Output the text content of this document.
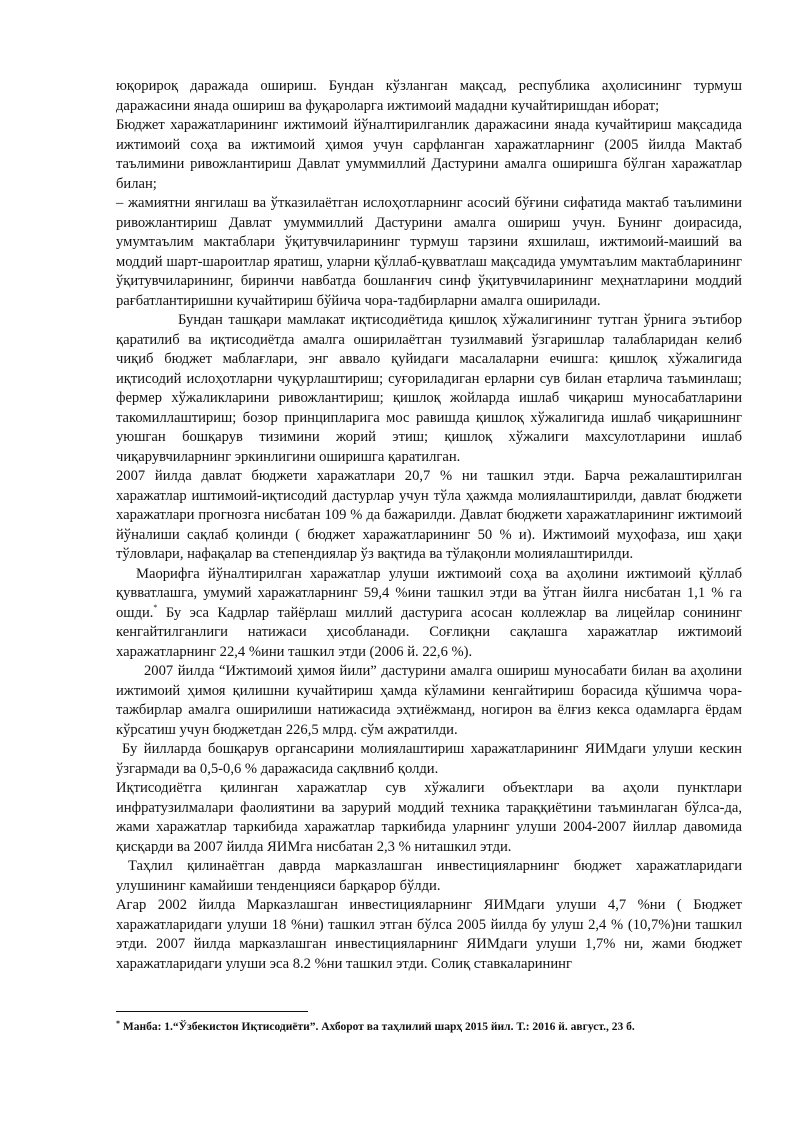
юқорироқ даражада ошириш. Бундан кўзланган мақсад, республика аҳолисининг турмуш даражасини янада ошириш ва фуқароларга ижтимоий мададни кучайтиришдан иборат;

Бюджет харажатларининг ижтимоий йўналтирилганлик даражасини янада кучайтириш мақсадида ижтимоий соҳа ва ижтимоий ҳимоя учун сарфланган харажатларнинг (2005 йилда Мактаб таълимини ривожлантириш Давлат умуммиллий Дастурини амалга оширишга бўлган харажатлар билан;

– жамиятни янгилаш ва ўтказилаётган ислоҳотларнинг асосий бўғини сифатида мактаб таълимини ривожлантириш Давлат умуммиллий Дастурини амалга ошириш учун. Бунинг доирасида, умумтаълим мактаблари ўқитувчиларининг турмуш тарзини яхшилаш, ижтимоий-маиший ва моддий шарт-шароитлар яратиш, уларни қўллаб-қувватлаш мақсадида умумтаълим мактабларининг ўқитувчиларининг, биринчи навбатда бошланғич синф ўқитувчиларининг меҳнатларини моддий рағбатлантиришни кучайтириш бўйича чора-тадбирларни амалга оширилади.

Бундан ташқари мамлакат иқтисодиётида қишлоқ хўжалигининг тутган ўрнига эътибор қаратилиб ва иқтисодиётда амалга оширилаётган тузилмавий ўзгаришлар талабларидан келиб чиқиб бюджет маблағлари, энг аввало қуйидаги масалаларни ечишга: қишлоқ хўжалигида иқтисодий ислоҳотларни чуқурлаштириш; суғориладиган ерларни сув билан етарлича таъминлаш; фермер хўжаликларини ривожлантириш; қишлоқ жойларда ишлаб чиқариш муносабатларини такомиллаштириш; бозор принципларига мос равишда қишлоқ хўжалигида ишлаб чиқаришнинг уюшган бошқарув тизимини жорий этиш; қишлоқ хўжалиги махсулотларини ишлаб чиқарувчиларнинг эркинлигини оширишга қаратилган.

2007 йилда давлат бюджети харажатлари 20,7 % ни ташкил этди. Барча режалаштирилган харажатлар иштимоий-иқтисодий дастурлар учун тўла ҳажмда молиялаштирилди, давлат бюджети харажатлари прогнозга нисбатан 109 % да бажарилди. Давлат бюджети харажатларининг ижтимоий йўналиши сақлаб қолинди ( бюджет харажатларининг 50 % и). Ижтимоий муҳофаза, иш ҳақи тўловлари, нафақалар ва степендиялар ўз вақтида ва тўлақонли молиялаштирилди.

Маорифга йўналтирилган харажатлар улуши ижтимоий соҳа ва аҳолини ижтимоий қўллаб қувватлашга, умумий харажатларнинг 59,4 %ини ташкил этди ва ўтган йилга нисбатан 1,1 % га ошди.* Бу эса Кадрлар тайёрлаш миллий дастурига асосан коллежлар ва лицейлар сонининг кенгайтилганлиги натижаси ҳисобланади. Соғлиқни сақлашга харажатлар ижтимоий харажатларнинг 22,4 %ини ташкил этди (2006 й. 22,6 %).

2007 йилда “Ижтимоий ҳимоя йили” дастурини амалга ошириш муносабати билан ва аҳолини ижтимоий ҳимоя қилишни кучайтириш ҳамда кўламини кенгайтириш борасида қўшимча чора-тажбирлар амалга оширилиши натижасида эҳтиёжманд, ногирон ва ёлғиз кекса одамларга ёрдам кўрсатиш учун бюджетдан 226,5 млрд. сўм ажратилди.

Бу йилларда бошқарув органсарини молиялаштириш харажатларининг ЯИМдаги улуши кескин ўзгармади ва 0,5-0,6 % даражасида сақлвниб қолди.

Иқтисодиётга қилинган харажатлар сув хўжалиги объектлари ва аҳоли пунктлари инфратузилмалари фаолиятини ва зарурий моддий техника тараққиётини таъминлаган бўлса-да, жами харажатлар таркибида харажатлар таркибида уларнинг улуши 2004-2007 йиллар давомида қисқарди ва 2007 йилда ЯИМга нисбатан 2,3 % ниташкил этди.

Таҳлил қилинаётган даврда марказлашган инвестицияларнинг бюджет харажатларидаги улушининг камайиши тенденцияси барқарор бўлди.

Агар 2002 йилда Марказлашган инвестицияларнинг ЯИМдаги улуши 4,7 %ни ( Бюджет харажатларидаги улуши 18 %ни) ташкил этган бўлса 2005 йилда бу улуш 2,4 % (10,7%)ни ташкил этди. 2007 йилда марказлашган инвестицияларнинг ЯИМдаги улуши 1,7% ни, жами бюджет харажатларидаги улуши эса 8.2 %ни ташкил этди. Солиқ ставкаларининг

* Манба: 1.“Ўзбекистон Иқтисодиёти”. Ахборот ва таҳлилий шарҳ 2015 йил. Т.: 2016 й. август., 23 б.
